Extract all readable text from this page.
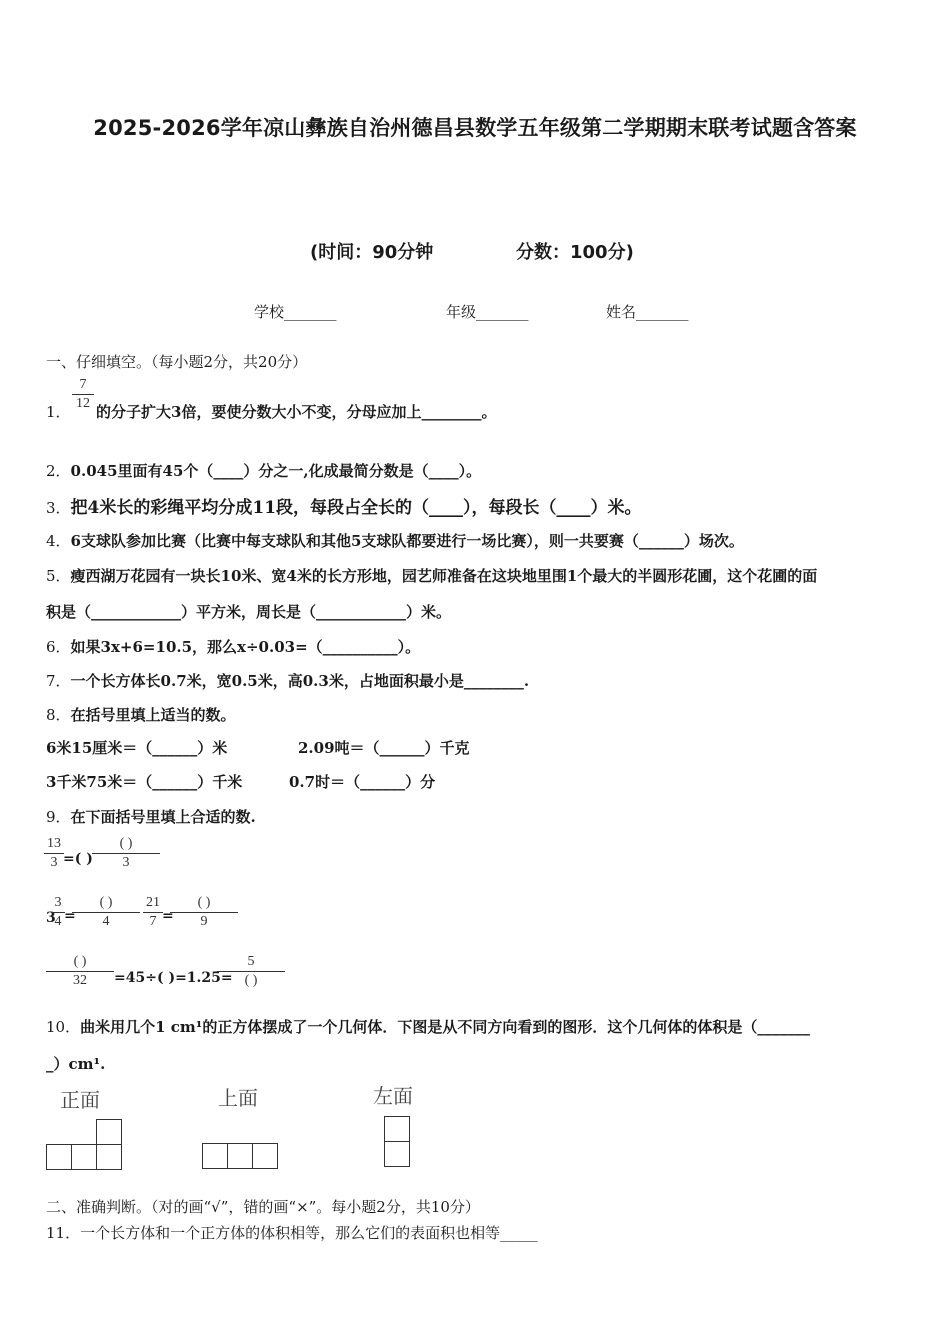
2025-2026学年凉山彝族自治州德昌县数学五年级第二学期期末联考试题含答案
(时间：90分钟	分数：100分)
学校_______	年级_______	姓名_______
一、仔细填空。（每小题2分，共20分）
1．
7
12 的分子扩大3倍，要使分数大小不变，分母应加上________。
2．0.045里面有45个（____）分之一,化成最简分数是（____）。
3．把4米长的彩绳平均分成11段，每段占全长的（____），每段长（____）米。
4．6支球队参加比赛（比赛中每支球队和其他5支球队都要进行一场比赛），则一共要赛（______）场次。
5．瘦西湖万花园有一块长10米、宽4米的长方形地，园艺师准备在这块地里围1个最大的半圆形花圃，这个花圃的面
积是（____________）平方米，周长是（____________）米。
6．如果3x+6=10.5，那么x÷0.03=（__________）。
7．一个长方体长0.7米，宽0.5米，高0.3米，占地面积最小是________.
8．在括号里填上适当的数。
6米15厘米＝（______）米	2.09吨＝（______）千克
3千米75米＝（______）千米	0.7时＝（______）分
9．在下面括号里填上合适的数.
13
3 =( )
( )
3
3
3
4 =
( )
4
21
7 =
( )
9
( )
32	=45÷( )=1.25=
5
( )
10．曲米用几个1 cm¹的正方体摆成了一个几何体．下图是从不同方向看到的图形．这个几何体的体积是（_______
_）cm¹.
正面	上面	左面
二、准确判断。（对的画“√”，错的画“×”。每小题2分，共10分）
11．一个长方体和一个正方体的体积相等，那么它们的表面积也相等_____
